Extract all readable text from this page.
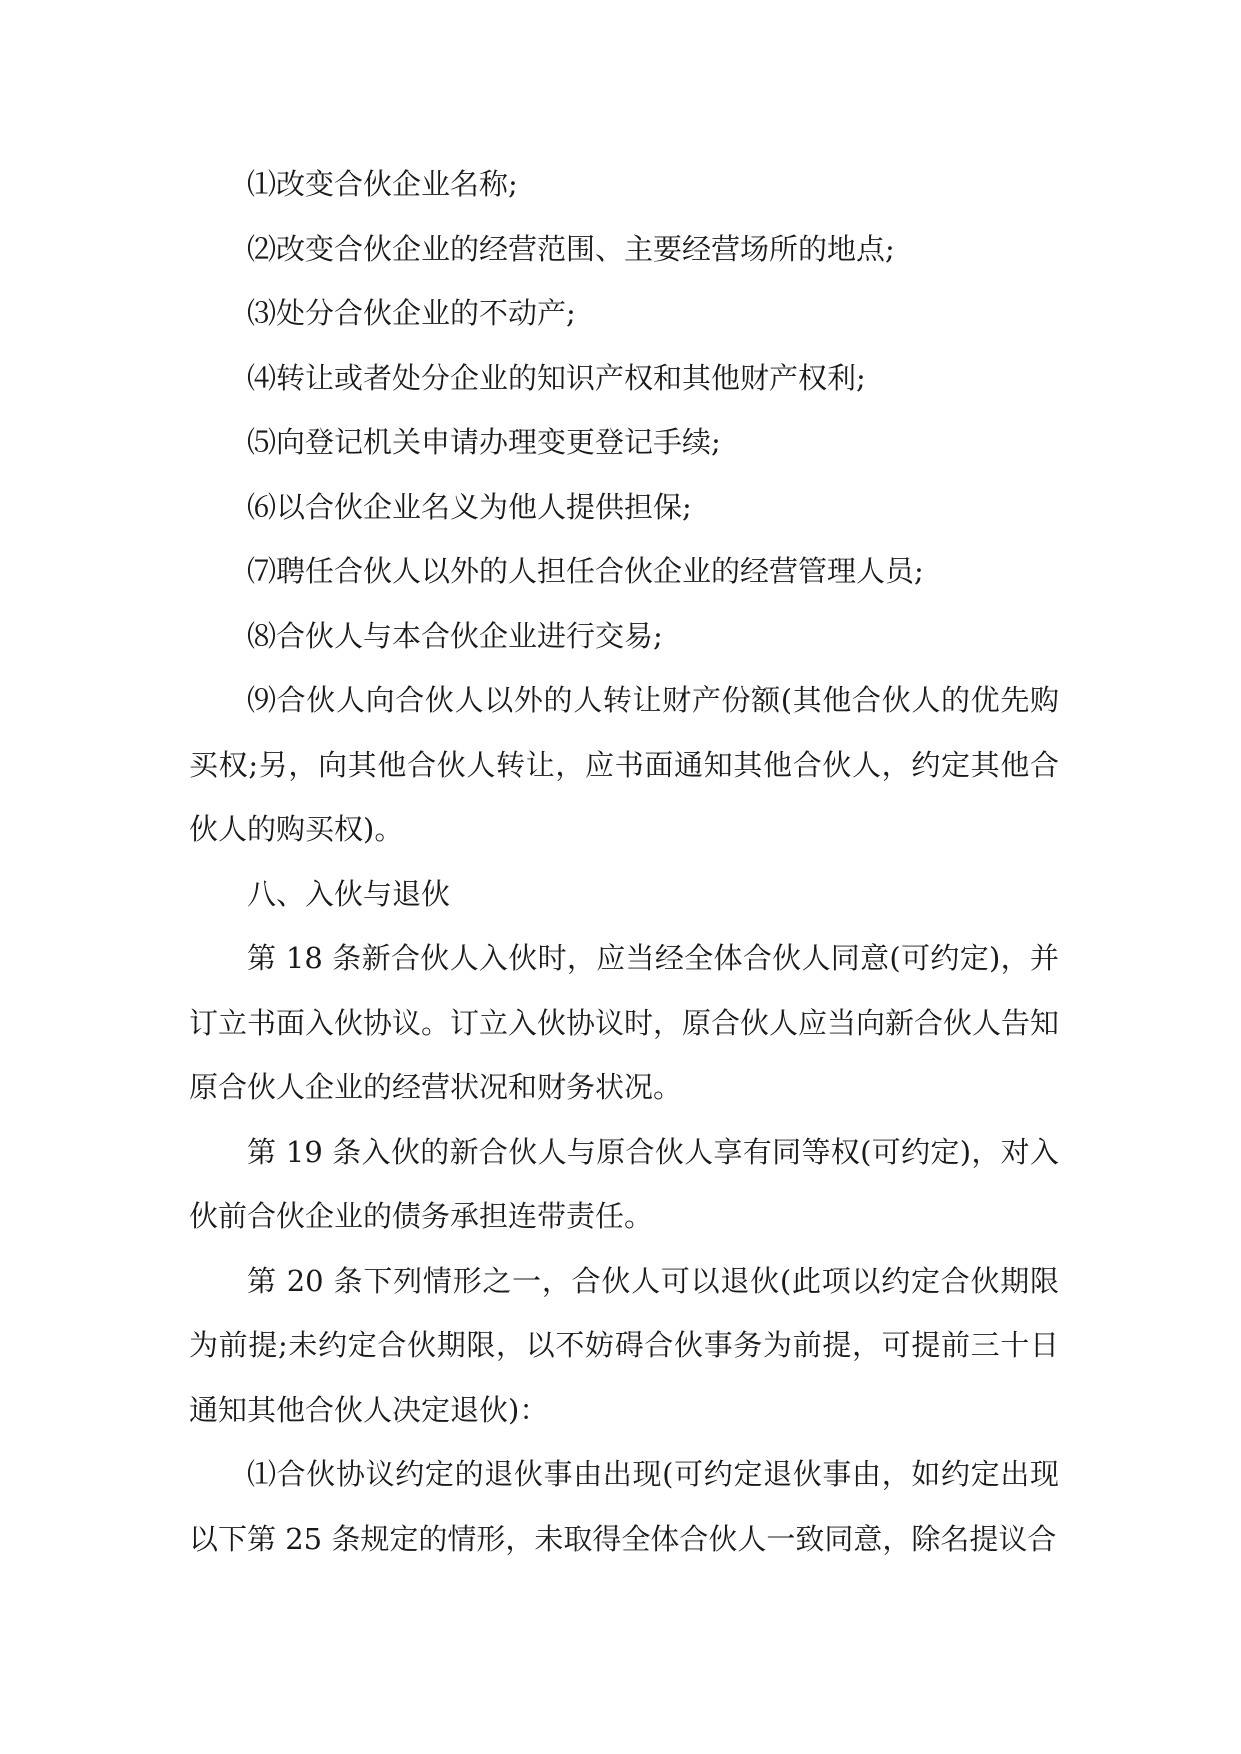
⑴改变合伙企业名称;

⑵改变合伙企业的经营范围、主要经营场所的地点;

⑶处分合伙企业的不动产;

⑷转让或者处分企业的知识产权和其他财产权利;

⑸向登记机关申请办理变更登记手续;

⑹以合伙企业名义为他人提供担保;

⑺聘任合伙人以外的人担任合伙企业的经营管理人员;

⑻合伙人与本合伙企业进行交易;

⑼合伙人向合伙人以外的人转让财产份额(其他合伙人的优先购买权;另，向其他合伙人转让，应书面通知其他合伙人，约定其他合伙人的购买权)。

八、入伙与退伙

第 18 条新合伙人入伙时，应当经全体合伙人同意(可约定)，并订立书面入伙协议。订立入伙协议时，原合伙人应当向新合伙人告知原合伙人企业的经营状况和财务状况。

第 19 条入伙的新合伙人与原合伙人享有同等权(可约定)，对入伙前合伙企业的债务承担连带责任。

第 20 条下列情形之一，合伙人可以退伙(此项以约定合伙期限为前提;未约定合伙期限，以不妨碍合伙事务为前提，可提前三十日通知其他合伙人决定退伙)：

⑴合伙协议约定的退伙事由出现(可约定退伙事由，如约定出现以下第 25 条规定的情形，未取得全体合伙人一致同意，除名提议合
